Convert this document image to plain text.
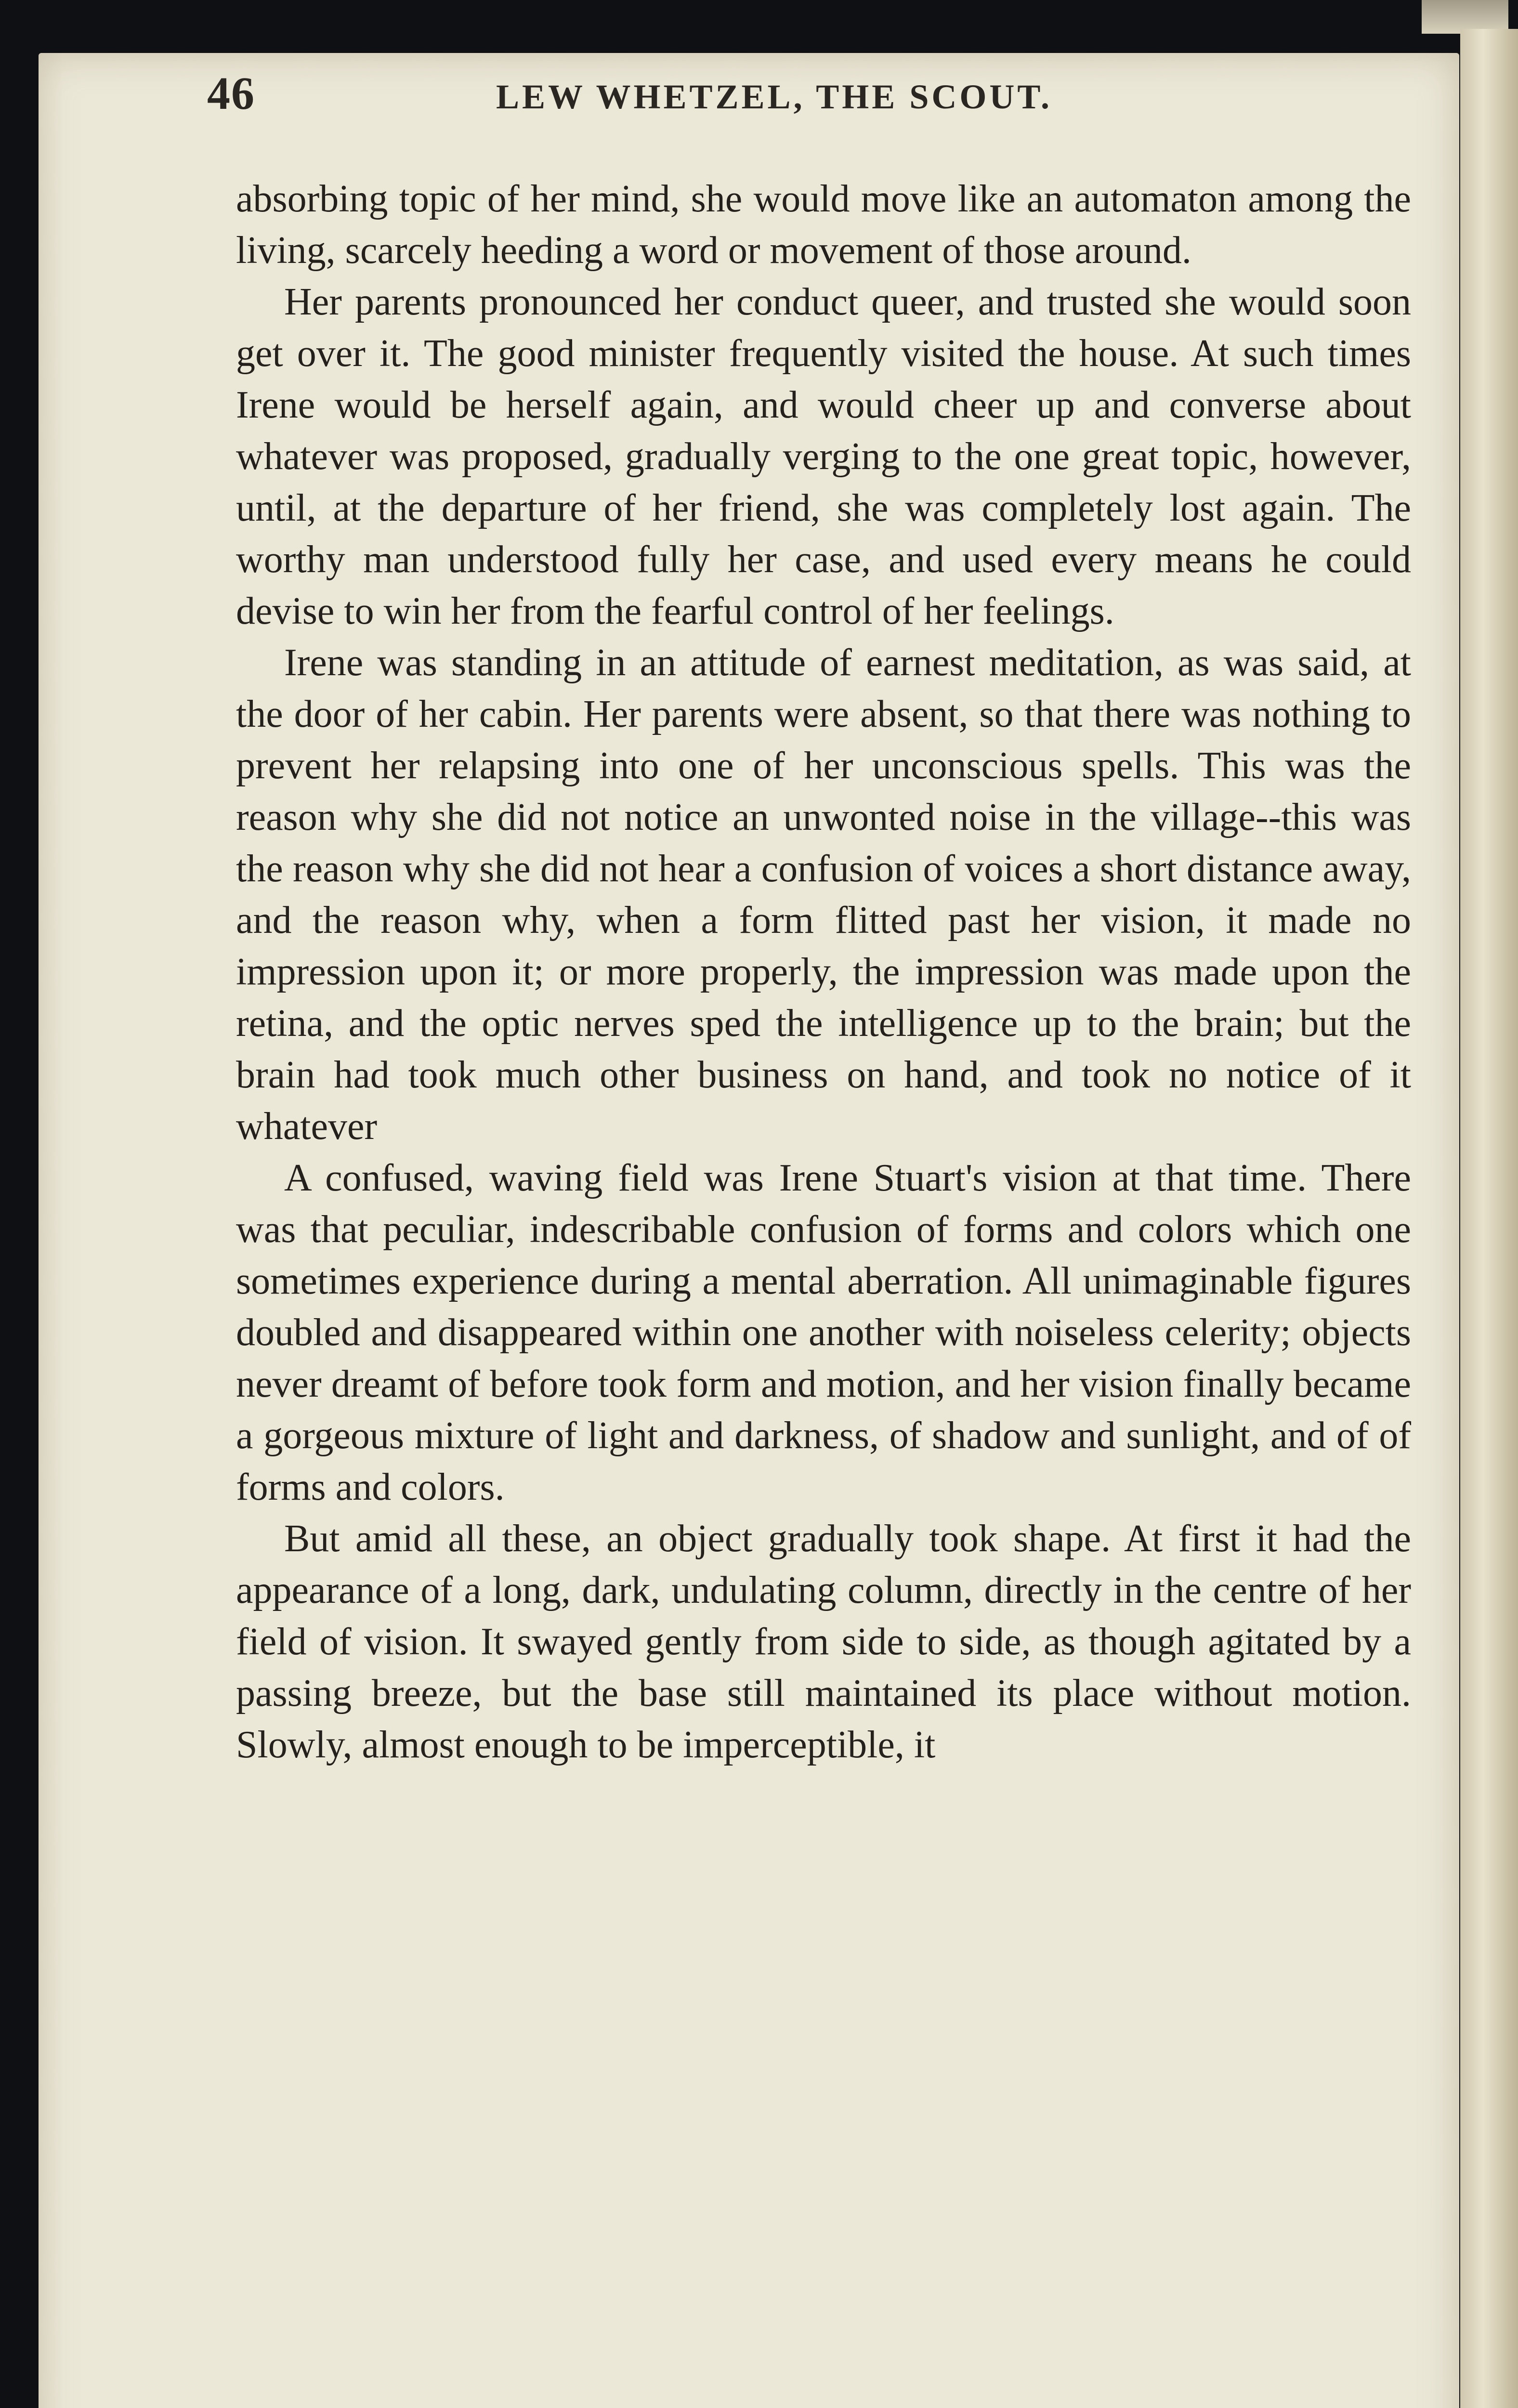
46	LEW WHETZEL, THE SCOUT.

absorbing topic of her mind, she would move like an automaton among the living, scarcely heeding a word or movement of those around.

Her parents pronounced her conduct queer, and trusted she would soon get over it. The good minister frequently visited the house. At such times Irene would be herself again, and would cheer up and converse about whatever was proposed, gradually verging to the one great topic, however, until, at the departure of her friend, she was completely lost again. The worthy man understood fully her case, and used every means he could devise to win her from the fearful control of her feelings.

Irene was standing in an attitude of earnest meditation, as was said, at the door of her cabin. Her parents were absent, so that there was nothing to prevent her relapsing into one of her unconscious spells. This was the reason why she did not notice an unwonted noise in the village--this was the reason why she did not hear a confusion of voices a short distance away, and the reason why, when a form flitted past her vision, it made no impression upon it; or more properly, the impression was made upon the retina, and the optic nerves sped the intelligence up to the brain; but the brain had took much other business on hand, and took no notice of it whatever

A confused, waving field was Irene Stuart's vision at that time. There was that peculiar, indescribable confusion of forms and colors which one sometimes experience during a mental aberration. All unimaginable figures doubled and disappeared within one another with noiseless celerity; objects never dreamt of before took form and motion, and her vision finally became a gorgeous mixture of light and darkness, of shadow and sunlight, and of of forms and colors.

But amid all these, an object gradually took shape. At first it had the appearance of a long, dark, undulating column, directly in the centre of her field of vision. It swayed gently from side to side, as though agitated by a passing breeze, but the base still maintained its place without motion. Slowly, almost enough to be imperceptible, it
